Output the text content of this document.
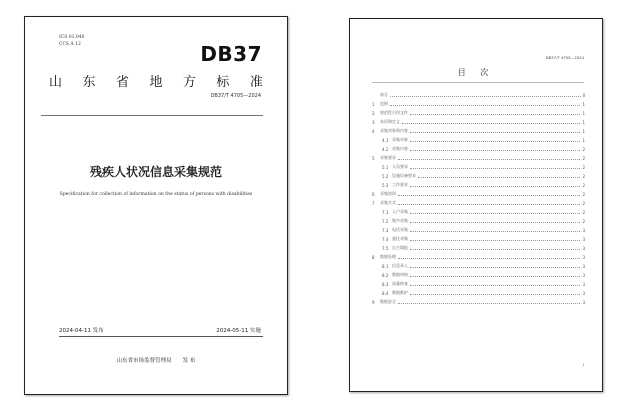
ICS 01.040
CCS A 12	DB37
山 东 省 地 方 标 准
DB37/T 4705—2024
残疾人状况信息采集规范
Specification for collection of information on the status of persons with disabilities
2024-04-11 发布	2024-05-11 实施
山东省市场监督管理局　　发 布
DB37/T 4705—2024
目 次
前言	II
1	范围	1
2	规范性引用文件	1
3	术语和定义	1
4	采集对象和内容	1
4.1 采集对象	1
4.2 采集内容	2
5	采集要求	2
5.1 人员要求	2
5.2 设施设备要求	2
5.3 工作要求	2
6	采集培训	2
7	采集方式	2
7.1 入户采集	2
7.2 集中采集	2
7.3 电话采集	3
7.4 委托采集	3
7.5 自主填报	3
8	数据处理	3
8.1 信息录入	3
8.2 数据审核	3
8.3 质量核查	3
8.4 数据维护	3
9	数据安全	3
I
